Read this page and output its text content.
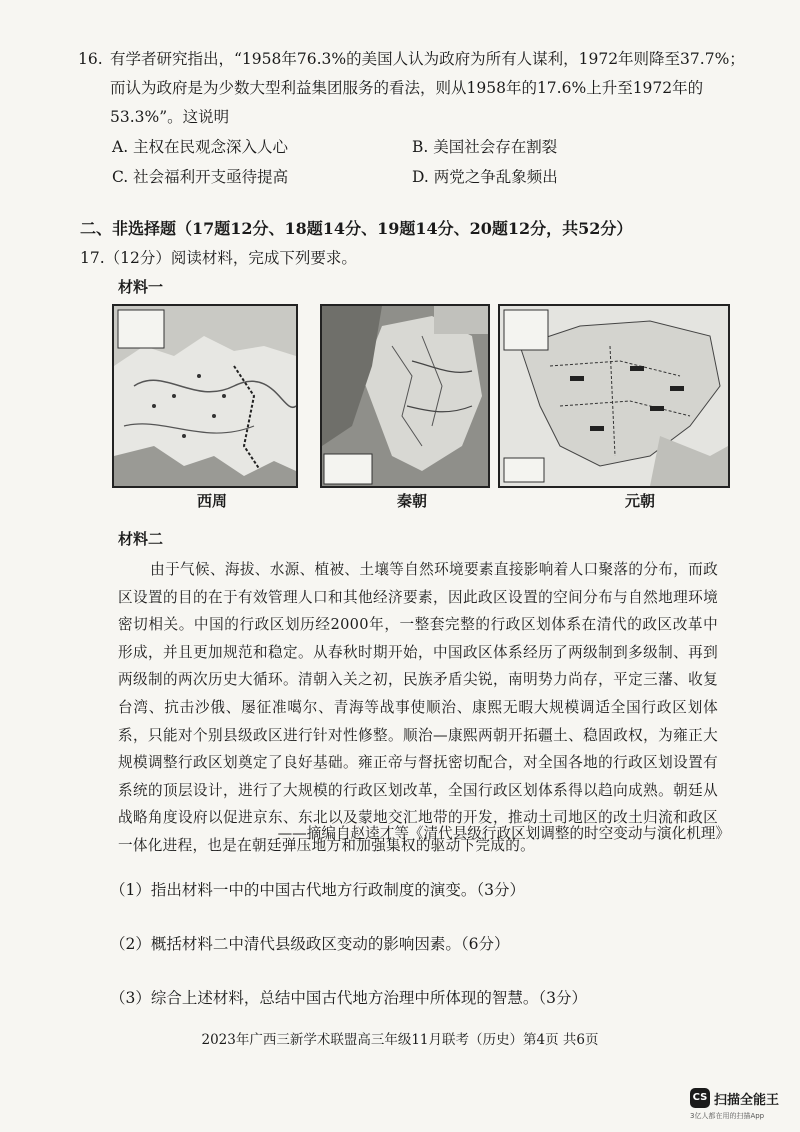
16. 有学者研究指出，“1958年76.3%的美国人认为政府为所有人谋利，1972年则降至37.7%；
而认为政府是为少数大型利益集团服务的看法，则从1958年的17.6%上升至1972年的
53.3%”。这说明
A. 主权在民观念深入人心	B. 美国社会存在割裂
C. 社会福利开支亟待提高	D. 两党之争乱象频出
二、非选择题（17题12分、18题14分、19题14分、20题12分，共52分）
17.（12分）阅读材料，完成下列要求。
材料一
西周	秦朝	元朝
材料二
由于气候、海拔、水源、植被、土壤等自然环境要素直接影响着人口聚落的分布，而政区设置的目的在于有效管理人口和其他经济要素，因此政区设置的空间分布与自然地理环境密切相关。中国的行政区划历经2000年，一整套完整的行政区划体系在清代的政区改革中形成，并且更加规范和稳定。从春秋时期开始，中国政区体系经历了两级制到多级制、再到两级制的两次历史大循环。清朝入关之初，民族矛盾尖锐，南明势力尚存，平定三藩、收复台湾、抗击沙俄、屡征准噶尔、青海等战事使顺治、康熙无暇大规模调适全国行政区划体系，只能对个别县级政区进行针对性修整。顺治—康熙两朝开拓疆土、稳固政权，为雍正大规模调整行政区划奠定了良好基础。雍正帝与督抚密切配合，对全国各地的行政区划设置有系统的顶层设计，进行了大规模的行政区划改革，全国行政区划体系得以趋向成熟。朝廷从战略角度设府以促进京东、东北以及蒙地交汇地带的开发，推动土司地区的改土归流和政区一体化进程，也是在朝廷弹压地方和加强集权的驱动下完成的。
——摘编自赵逵才等《清代县级行政区划调整的时空变动与演化机理》
（1）指出材料一中的中国古代地方行政制度的演变。（3分）
（2）概括材料二中清代县级政区变动的影响因素。（6分）
（3）综合上述材料，总结中国古代地方治理中所体现的智慧。（3分）
2023年广西三新学术联盟高三年级11月联考（历史）第4页 共6页
CS 扫描全能王
3亿人都在用的扫描App
